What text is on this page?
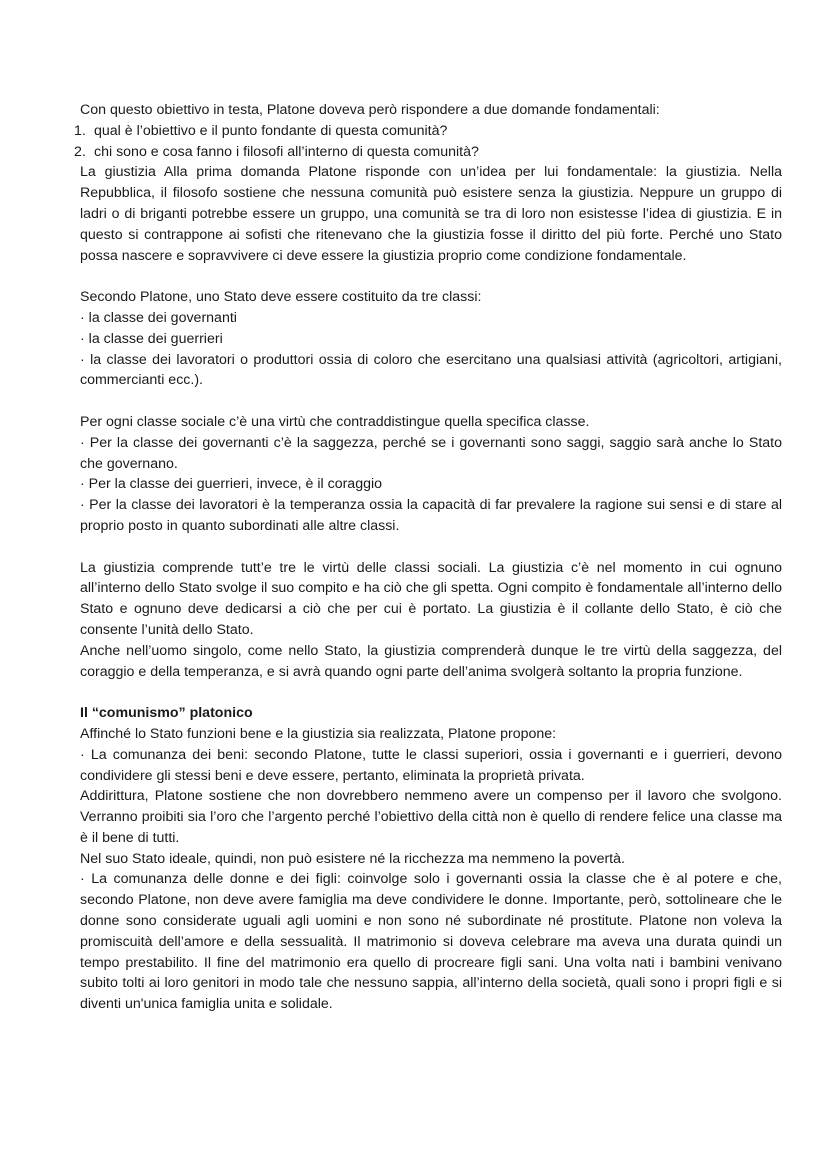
Con questo obiettivo in testa, Platone doveva però rispondere a due domande fondamentali:

1. qual è l’obiettivo e il punto fondante di questa comunità?
2. chi sono e cosa fanno i filosofi all’interno di questa comunità?

La giustizia Alla prima domanda Platone risponde con un’idea per lui fondamentale: la giustizia. Nella Repubblica, il filosofo sostiene che nessuna comunità può esistere senza la giustizia. Neppure un gruppo di ladri o di briganti potrebbe essere un gruppo, una comunità se tra di loro non esistesse l’idea di giustizia. E in questo si contrappone ai sofisti che ritenevano che la giustizia fosse il diritto del più forte. Perché uno Stato possa nascere e sopravvivere ci deve essere la giustizia proprio come condizione fondamentale.

Secondo Platone, uno Stato deve essere costituito da tre classi:

· la classe dei governanti

· la classe dei guerrieri

· la classe dei lavoratori o produttori ossia di coloro che esercitano una qualsiasi attività (agricoltori, artigiani, commercianti ecc.).

Per ogni classe sociale c’è una virtù che contraddistingue quella specifica classe.

· Per la classe dei governanti c’è la saggezza, perché se i governanti sono saggi, saggio sarà anche lo Stato che governano.

· Per la classe dei guerrieri, invece, è il coraggio

· Per la classe dei lavoratori è la temperanza ossia la capacità di far prevalere la ragione sui sensi e di stare al proprio posto in quanto subordinati alle altre classi.

La giustizia comprende tutt’e tre le virtù delle classi sociali. La giustizia c’è nel momento in cui ognuno all’interno dello Stato svolge il suo compito e ha ciò che gli spetta. Ogni compito è fondamentale all’interno dello Stato e ognuno deve dedicarsi a ciò che per cui è portato. La giustizia è il collante dello Stato, è ciò che consente l’unità dello Stato.

Anche nell’uomo singolo, come nello Stato, la giustizia comprenderà dunque le tre virtù della saggezza, del coraggio e della temperanza, e si avrà quando ogni parte dell’anima svolgerà soltanto la propria funzione.

Il “comunismo” platonico

Affinché lo Stato funzioni bene e la giustizia sia realizzata, Platone propone:

· La comunanza dei beni: secondo Platone, tutte le classi superiori, ossia i governanti e i guerrieri, devono condividere gli stessi beni e deve essere, pertanto, eliminata la proprietà privata.

Addirittura, Platone sostiene che non dovrebbero nemmeno avere un compenso per il lavoro che svolgono. Verranno proibiti sia l’oro che l’argento perché l’obiettivo della città non è quello di rendere felice una classe ma è il bene di tutti.

Nel suo Stato ideale, quindi, non può esistere né la ricchezza ma nemmeno la povertà.

· La comunanza delle donne e dei figli: coinvolge solo i governanti ossia la classe che è al potere e che, secondo Platone, non deve avere famiglia ma deve condividere le donne. Importante, però, sottolineare che le donne sono considerate uguali agli uomini e non sono né subordinate né prostitute. Platone non voleva la promiscuità dell’amore e della sessualità. Il matrimonio si doveva celebrare ma aveva una durata quindi un tempo prestabilito. Il fine del matrimonio era quello di procreare figli sani. Una volta nati i bambini venivano subito tolti ai loro genitori in modo tale che nessuno sappia, all’interno della società, quali sono i propri figli e si diventi un'unica famiglia unita e solidale.
